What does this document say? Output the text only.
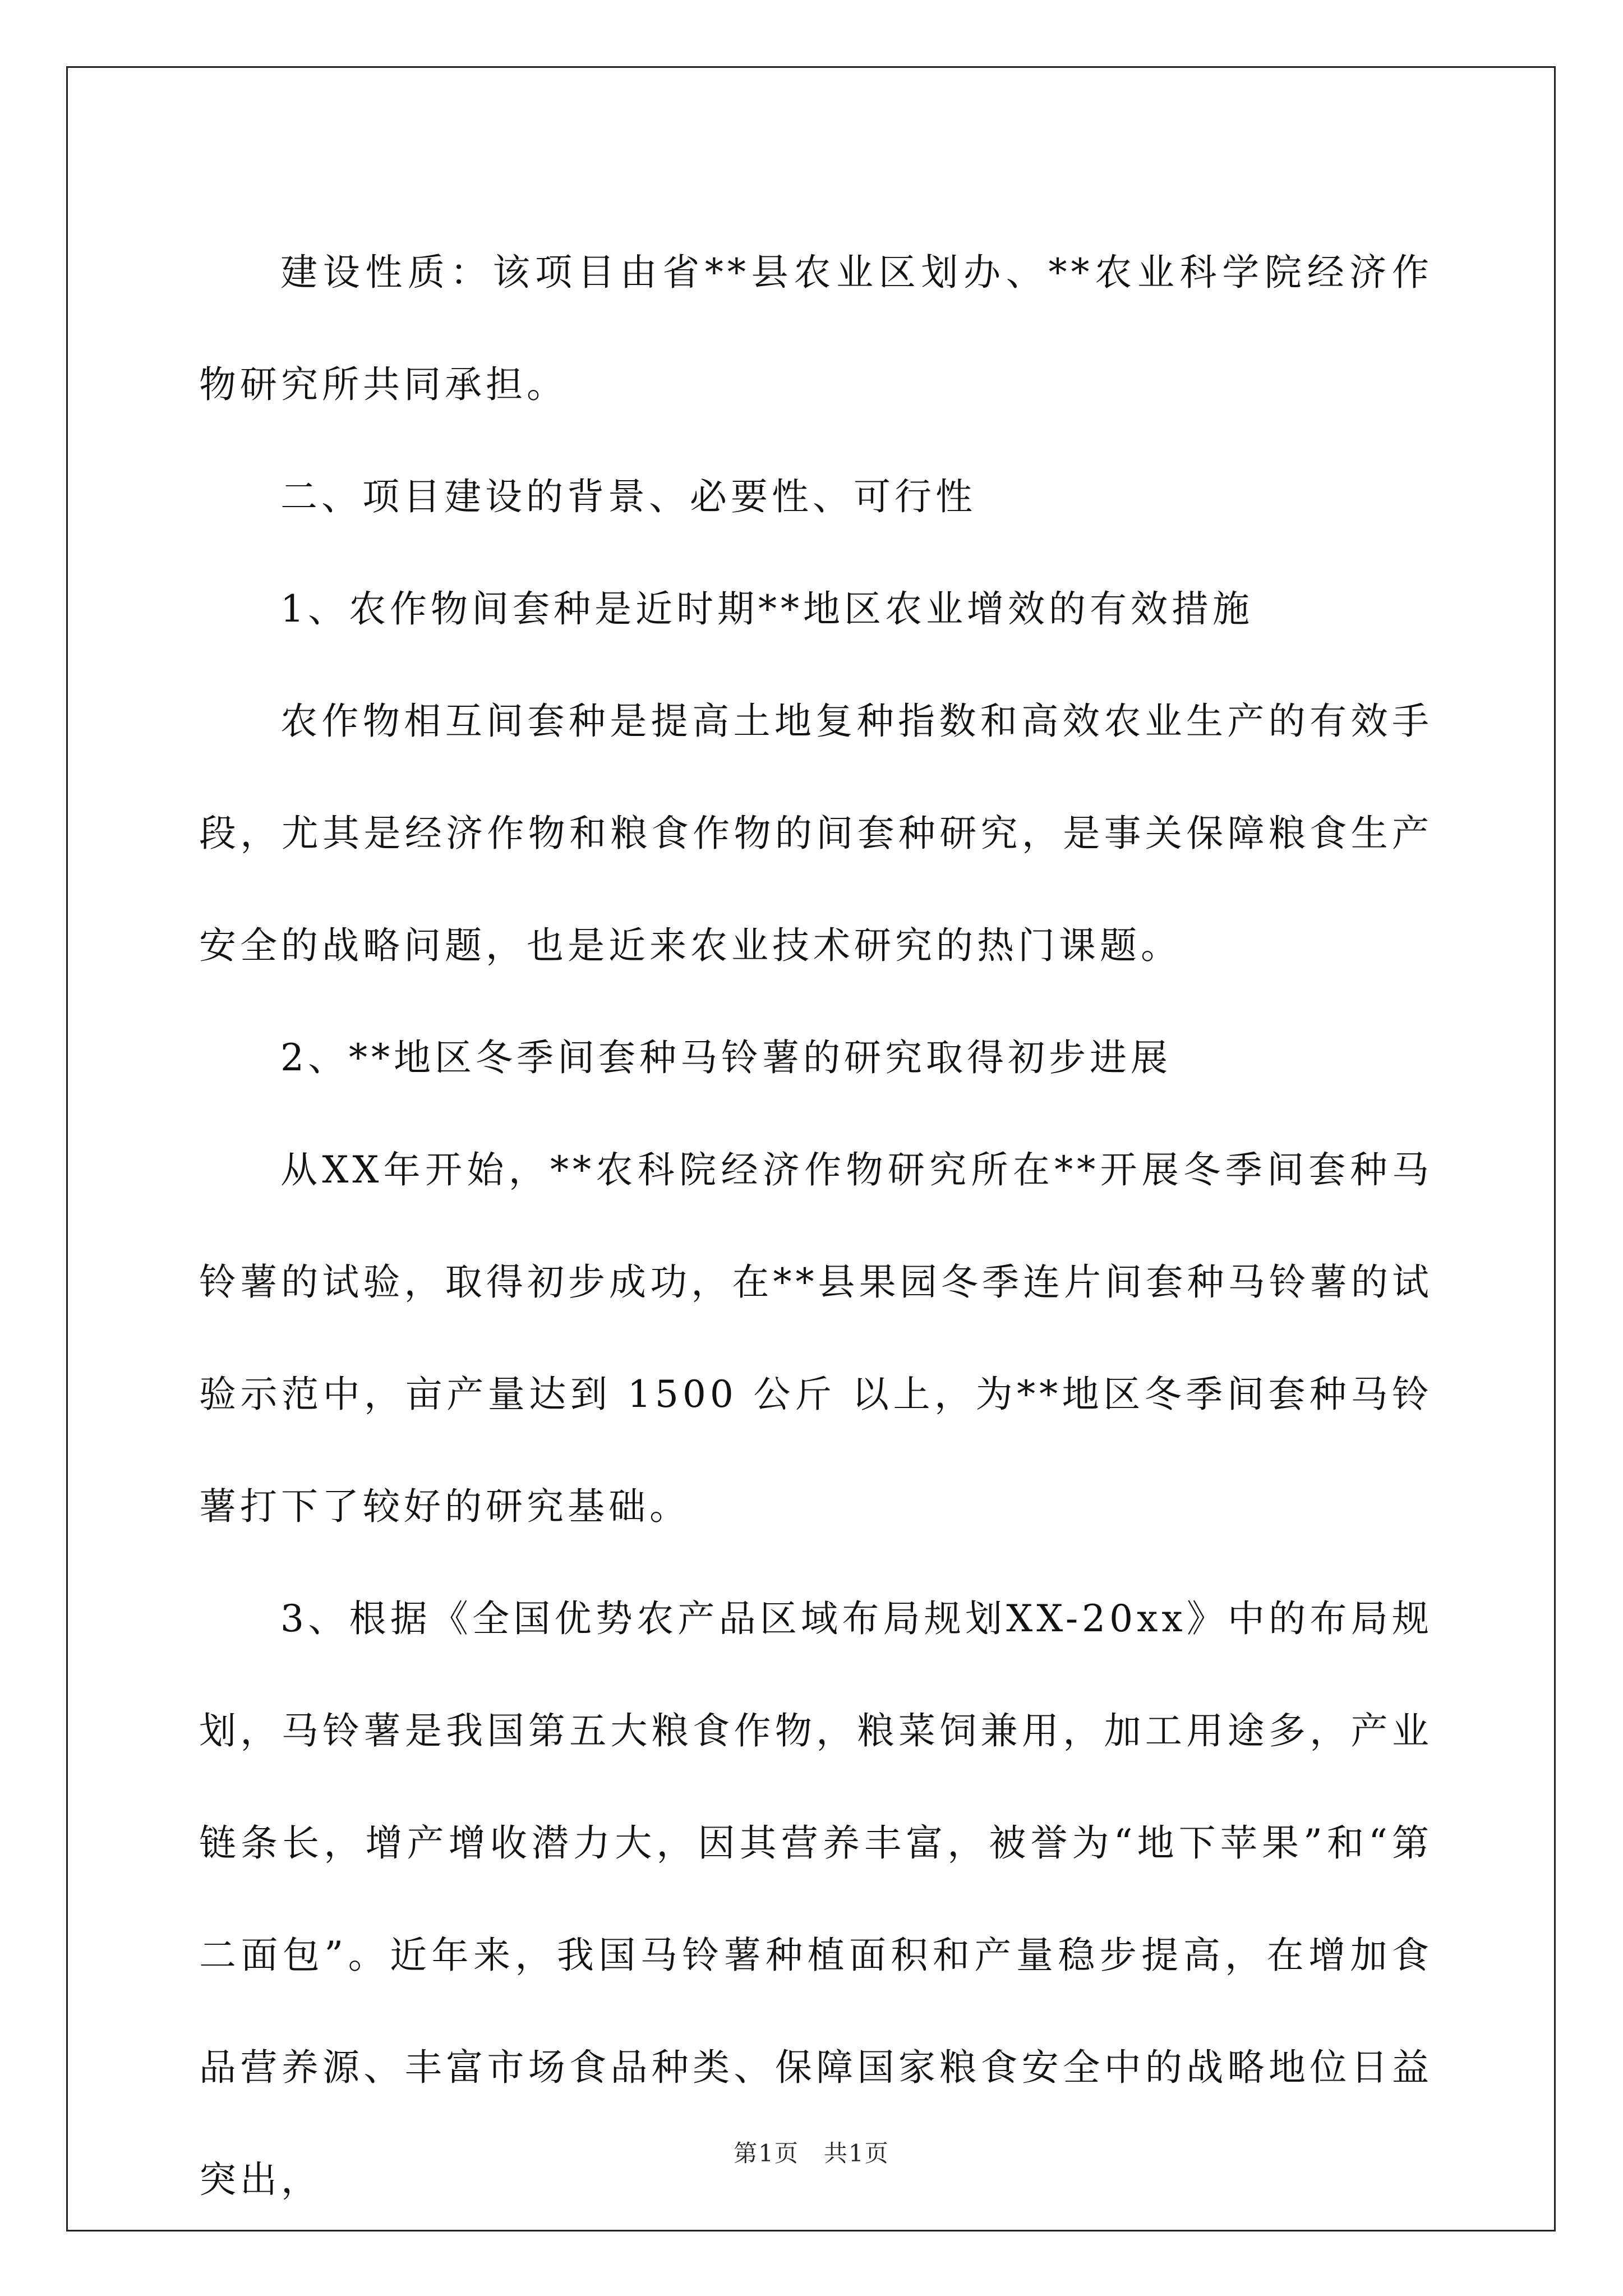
建设性质：该项目由省**县农业区划办、**农业科学院经济作物研究所共同承担。

二、项目建设的背景、必要性、可行性

1、农作物间套种是近时期**地区农业增效的有效措施

农作物相互间套种是提高土地复种指数和高效农业生产的有效手段，尤其是经济作物和粮食作物的间套种研究，是事关保障粮食生产安全的战略问题，也是近来农业技术研究的热门课题。

2、**地区冬季间套种马铃薯的研究取得初步进展

从XX年开始，**农科院经济作物研究所在**开展冬季间套种马铃薯的试验，取得初步成功，在**县果园冬季连片间套种马铃薯的试验示范中，亩产量达到 1500 公斤 以上，为**地区冬季间套种马铃薯打下了较好的研究基础。

3、根据《全国优势农产品区域布局规划XX-20xx》中的布局规划，马铃薯是我国第五大粮食作物，粮菜饲兼用，加工用途多，产业链条长，增产增收潜力大，因其营养丰富，被誉为“地下苹果”和“第二面包”。近年来，我国马铃薯种植面积和产量稳步提高，在增加食品营养源、丰富市场食品种类、保障国家粮食安全中的战略地位日益突出，

第1页　共1页
